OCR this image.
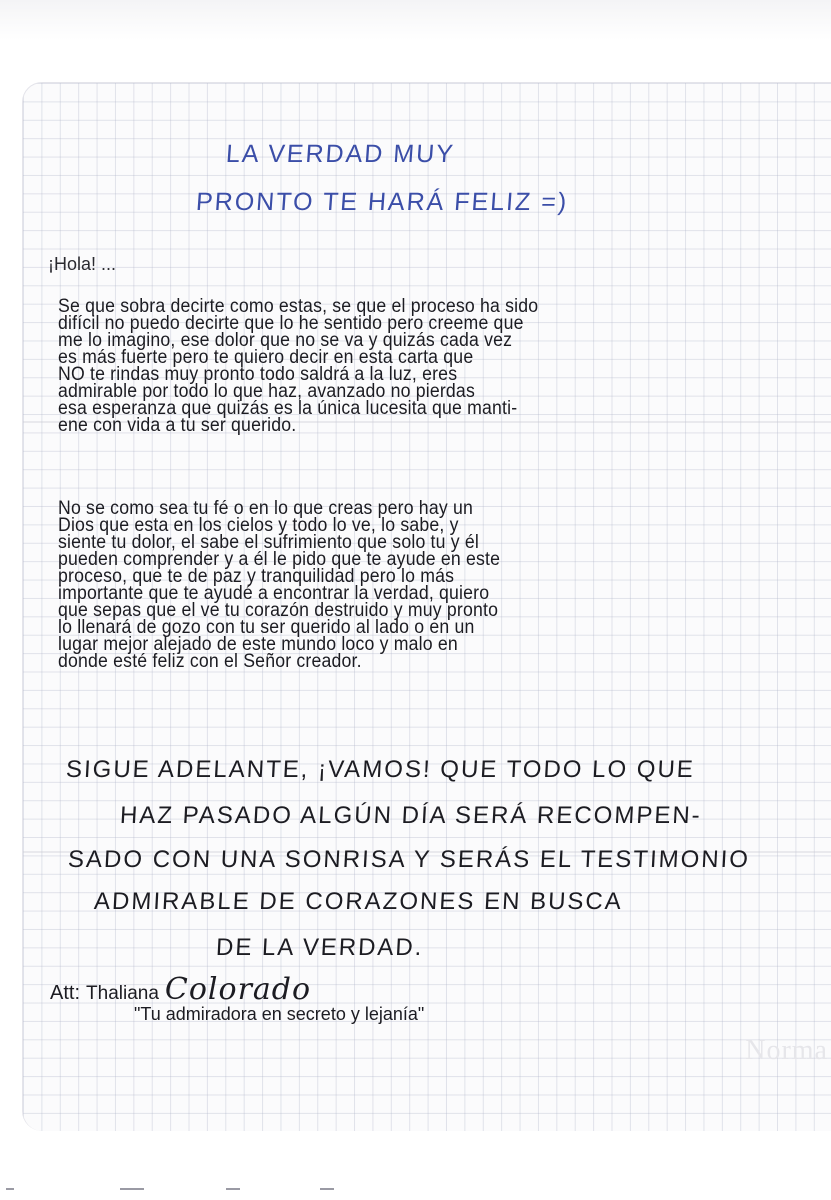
Norma
LA VERDAD MUY
PRONTO TE HARÁ FELIZ =)
¡Hola! ...
Se que sobra decirte como estas, se que el proceso ha sido
difícil no puedo decirte que lo he sentido pero creeme que
me lo imagino, ese dolor que no se va y quizás cada vez
es más fuerte pero te quiero decir en esta carta que
NO te rindas muy pronto todo saldrá a la luz, eres
admirable por todo lo que haz, avanzado no pierdas
esa esperanza que quizás es la única lucesita que manti-
ene con vida a tu ser querido.
No se como sea tu fé o en lo que creas pero hay un
Dios que esta en los cielos y todo lo ve, lo sabe, y
siente tu dolor, el sabe el sufrimiento que solo tu y él
pueden comprender y a él le pido que te ayude en este
proceso, que te de paz y tranquilidad pero lo más
importante que te ayudé a encontrar la verdad, quiero
que sepas que el ve tu corazón destruido y muy pronto
lo llenará de gozo con tu ser querido al lado o en un
lugar mejor alejado de este mundo loco y malo en
donde esté feliz con el Señor creador.
SIGUE ADELANTE, ¡VAMOS! QUE TODO LO QUE
HAZ PASADO ALGÚN DÍA SERÁ RECOMPEN-
SADO CON UNA SONRISA Y SERÁS EL TESTIMONIO
ADMIRABLE DE CORAZONES EN BUSCA
DE LA VERDAD.
Att: Thaliana Colorado
"Tu admiradora en secreto y lejanía"
